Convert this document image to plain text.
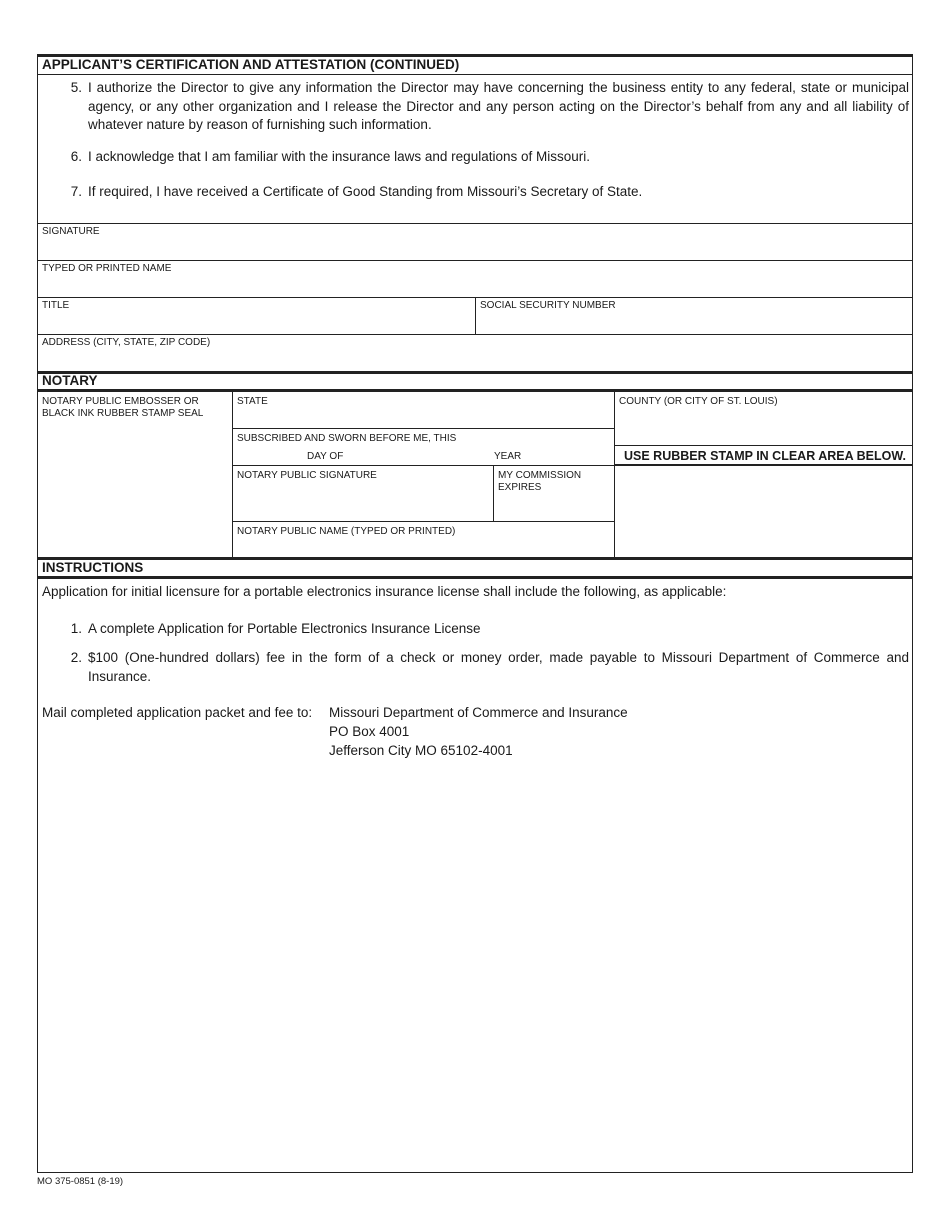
APPLICANT’S CERTIFICATION AND ATTESTATION (CONTINUED)
5. I authorize the Director to give any information the Director may have concerning the business entity to any federal, state or municipal agency, or any other organization and I release the Director and any person acting on the Director’s behalf from any and all liability of whatever nature by reason of furnishing such information.
6. I acknowledge that I am familiar with the insurance laws and regulations of Missouri.
7. If required, I have received a Certificate of Good Standing from Missouri’s Secretary of State.
SIGNATURE
TYPED OR PRINTED NAME
TITLE	SOCIAL SECURITY NUMBER
ADDRESS (CITY, STATE, ZIP CODE)
NOTARY
NOTARY PUBLIC EMBOSSER OR
BLACK INK RUBBER STAMP SEAL
STATE	COUNTY (OR CITY OF ST. LOUIS)
SUBSCRIBED AND SWORN BEFORE ME, THIS
DAY OF	YEAR	USE RUBBER STAMP IN CLEAR AREA BELOW.
NOTARY PUBLIC SIGNATURE	MY COMMISSION
EXPIRES
NOTARY PUBLIC NAME (TYPED OR PRINTED)
INSTRUCTIONS
Application for initial licensure for a portable electronics insurance license shall include the following, as applicable:
1. A complete Application for Portable Electronics Insurance License
2. $100 (One-hundred dollars) fee in the form of a check or money order, made payable to Missouri Department of Commerce and Insurance.
Mail completed application packet and fee to: Missouri Department of Commerce and Insurance
PO Box 4001
Jefferson City MO 65102-4001
MO 375-0851 (8-19)
